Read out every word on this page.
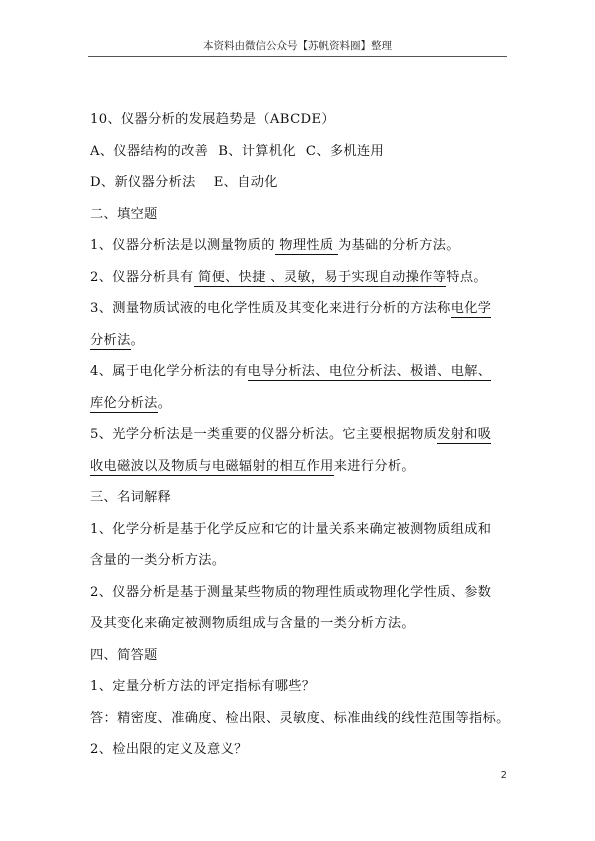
本资料由微信公众号【苏帆资料圈】整理
10、仪器分析的发展趋势是（ABCDE）
A、仪器结构的改善 B、计算机化 C、多机连用
D、新仪器分析法 E、自动化
二、填空题
1、仪器分析法是以测量物质的 物理性质 为基础的分析方法。
2、仪器分析具有 简便、快捷 、灵敏，易于实现自动操作等特点。
3、测量物质试液的电化学性质及其变化来进行分析的方法称电化学
分析法。
4、属于电化学分析法的有电导分析法、电位分析法、极谱、电解、
库伦分析法。
5、光学分析法是一类重要的仪器分析法。它主要根据物质发射和吸
收电磁波以及物质与电磁辐射的相互作用来进行分析。
三、名词解释
1、化学分析是基于化学反应和它的计量关系来确定被测物质组成和
含量的一类分析方法。
2、仪器分析是基于测量某些物质的物理性质或物理化学性质、参数
及其变化来确定被测物质组成与含量的一类分析方法。
四、简答题
1、定量分析方法的评定指标有哪些？
答：精密度、准确度、检出限、灵敏度、标准曲线的线性范围等指标。
2、检出限的定义及意义？
2
